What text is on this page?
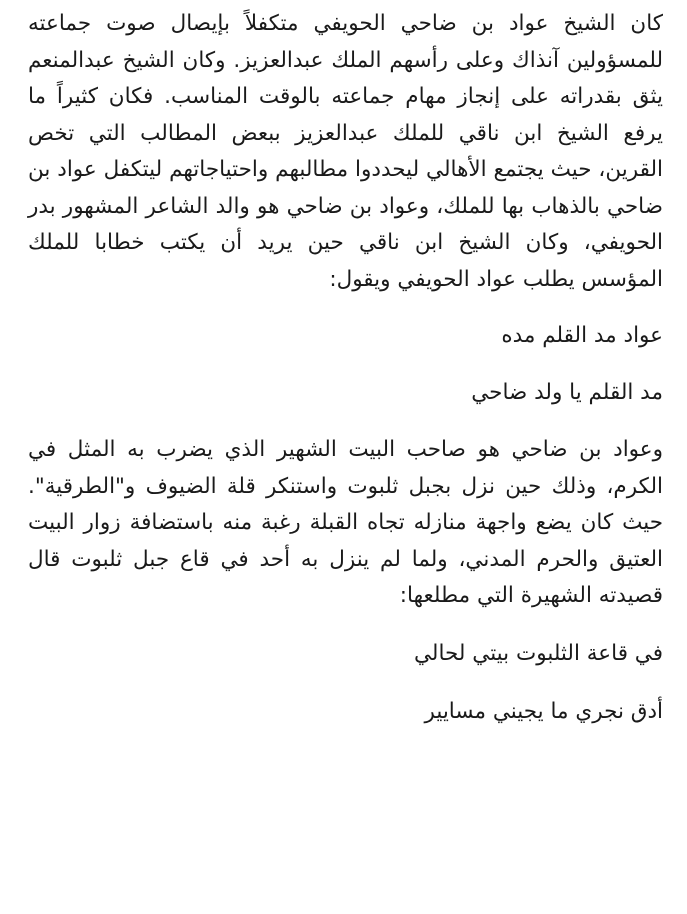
كان الشيخ عواد بن ضاحي الحويفي متكفلاً بإيصال صوت جماعته للمسؤولين آنذاك وعلى رأسهم الملك عبدالعزيز. وكان الشيخ عبدالمنعم يثق بقدراته على إنجاز مهام جماعته بالوقت المناسب. فكان كثيراً ما يرفع الشيخ ابن ناقي للملك عبدالعزيز ببعض المطالب التي تخص القرين، حيث يجتمع الأهالي ليحددوا مطالبهم واحتياجاتهم ليتكفل عواد بن ضاحي بالذهاب بها للملك، وعواد بن ضاحي هو والد الشاعر المشهور بدر الحويفي، وكان الشيخ ابن ناقي حين يريد أن يكتب خطابا للملك المؤسس يطلب عواد الحويفي ويقول:

عواد مد القلم مده

مد القلم يا ولد ضاحي

وعواد بن ضاحي هو صاحب البيت الشهير الذي يضرب به المثل في الكرم، وذلك حين نزل بجبل ثلبوت واستنكر قلة الضيوف و"الطرقية". حيث كان يضع واجهة منازله تجاه القبلة رغبة منه باستضافة زوار البيت العتيق والحرم المدني، ولما لم ينزل به أحد في قاع جبل ثلبوت قال قصيدته الشهيرة التي مطلعها:

في قاعة الثلبوت بيتي لحالي

أدق نجري ما يجيني مسايير
